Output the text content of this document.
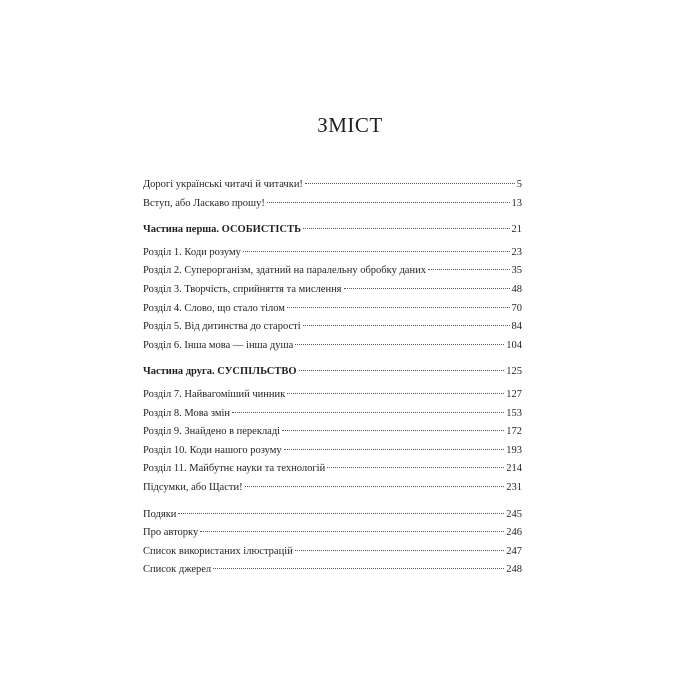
ЗМІСТ
Дорогі українські читачі й читачки!	5
Вступ, або Ласкаво прошу!	13
Частина перша. ОСОБИСТІСТЬ	21
Розділ 1. Коди розуму	23
Розділ 2. Суперорганізм, здатний на паралельну обробку даних	35
Розділ 3. Творчість, сприйняття та мислення	48
Розділ 4. Слово, що стало тілом	70
Розділ 5. Від дитинства до старості	84
Розділ 6. Інша мова — інша душа	104
Частина друга. СУСПІЛЬСТВО	125
Розділ 7. Найвагоміший чинник	127
Розділ 8. Мова змін	153
Розділ 9. Знайдено в перекладі	172
Розділ 10. Коди нашого розуму	193
Розділ 11. Майбутнє науки та технологій	214
Підсумки, або Щасти!	231
Подяки	245
Про авторку	246
Список використаних ілюстрацій	247
Список джерел	248
